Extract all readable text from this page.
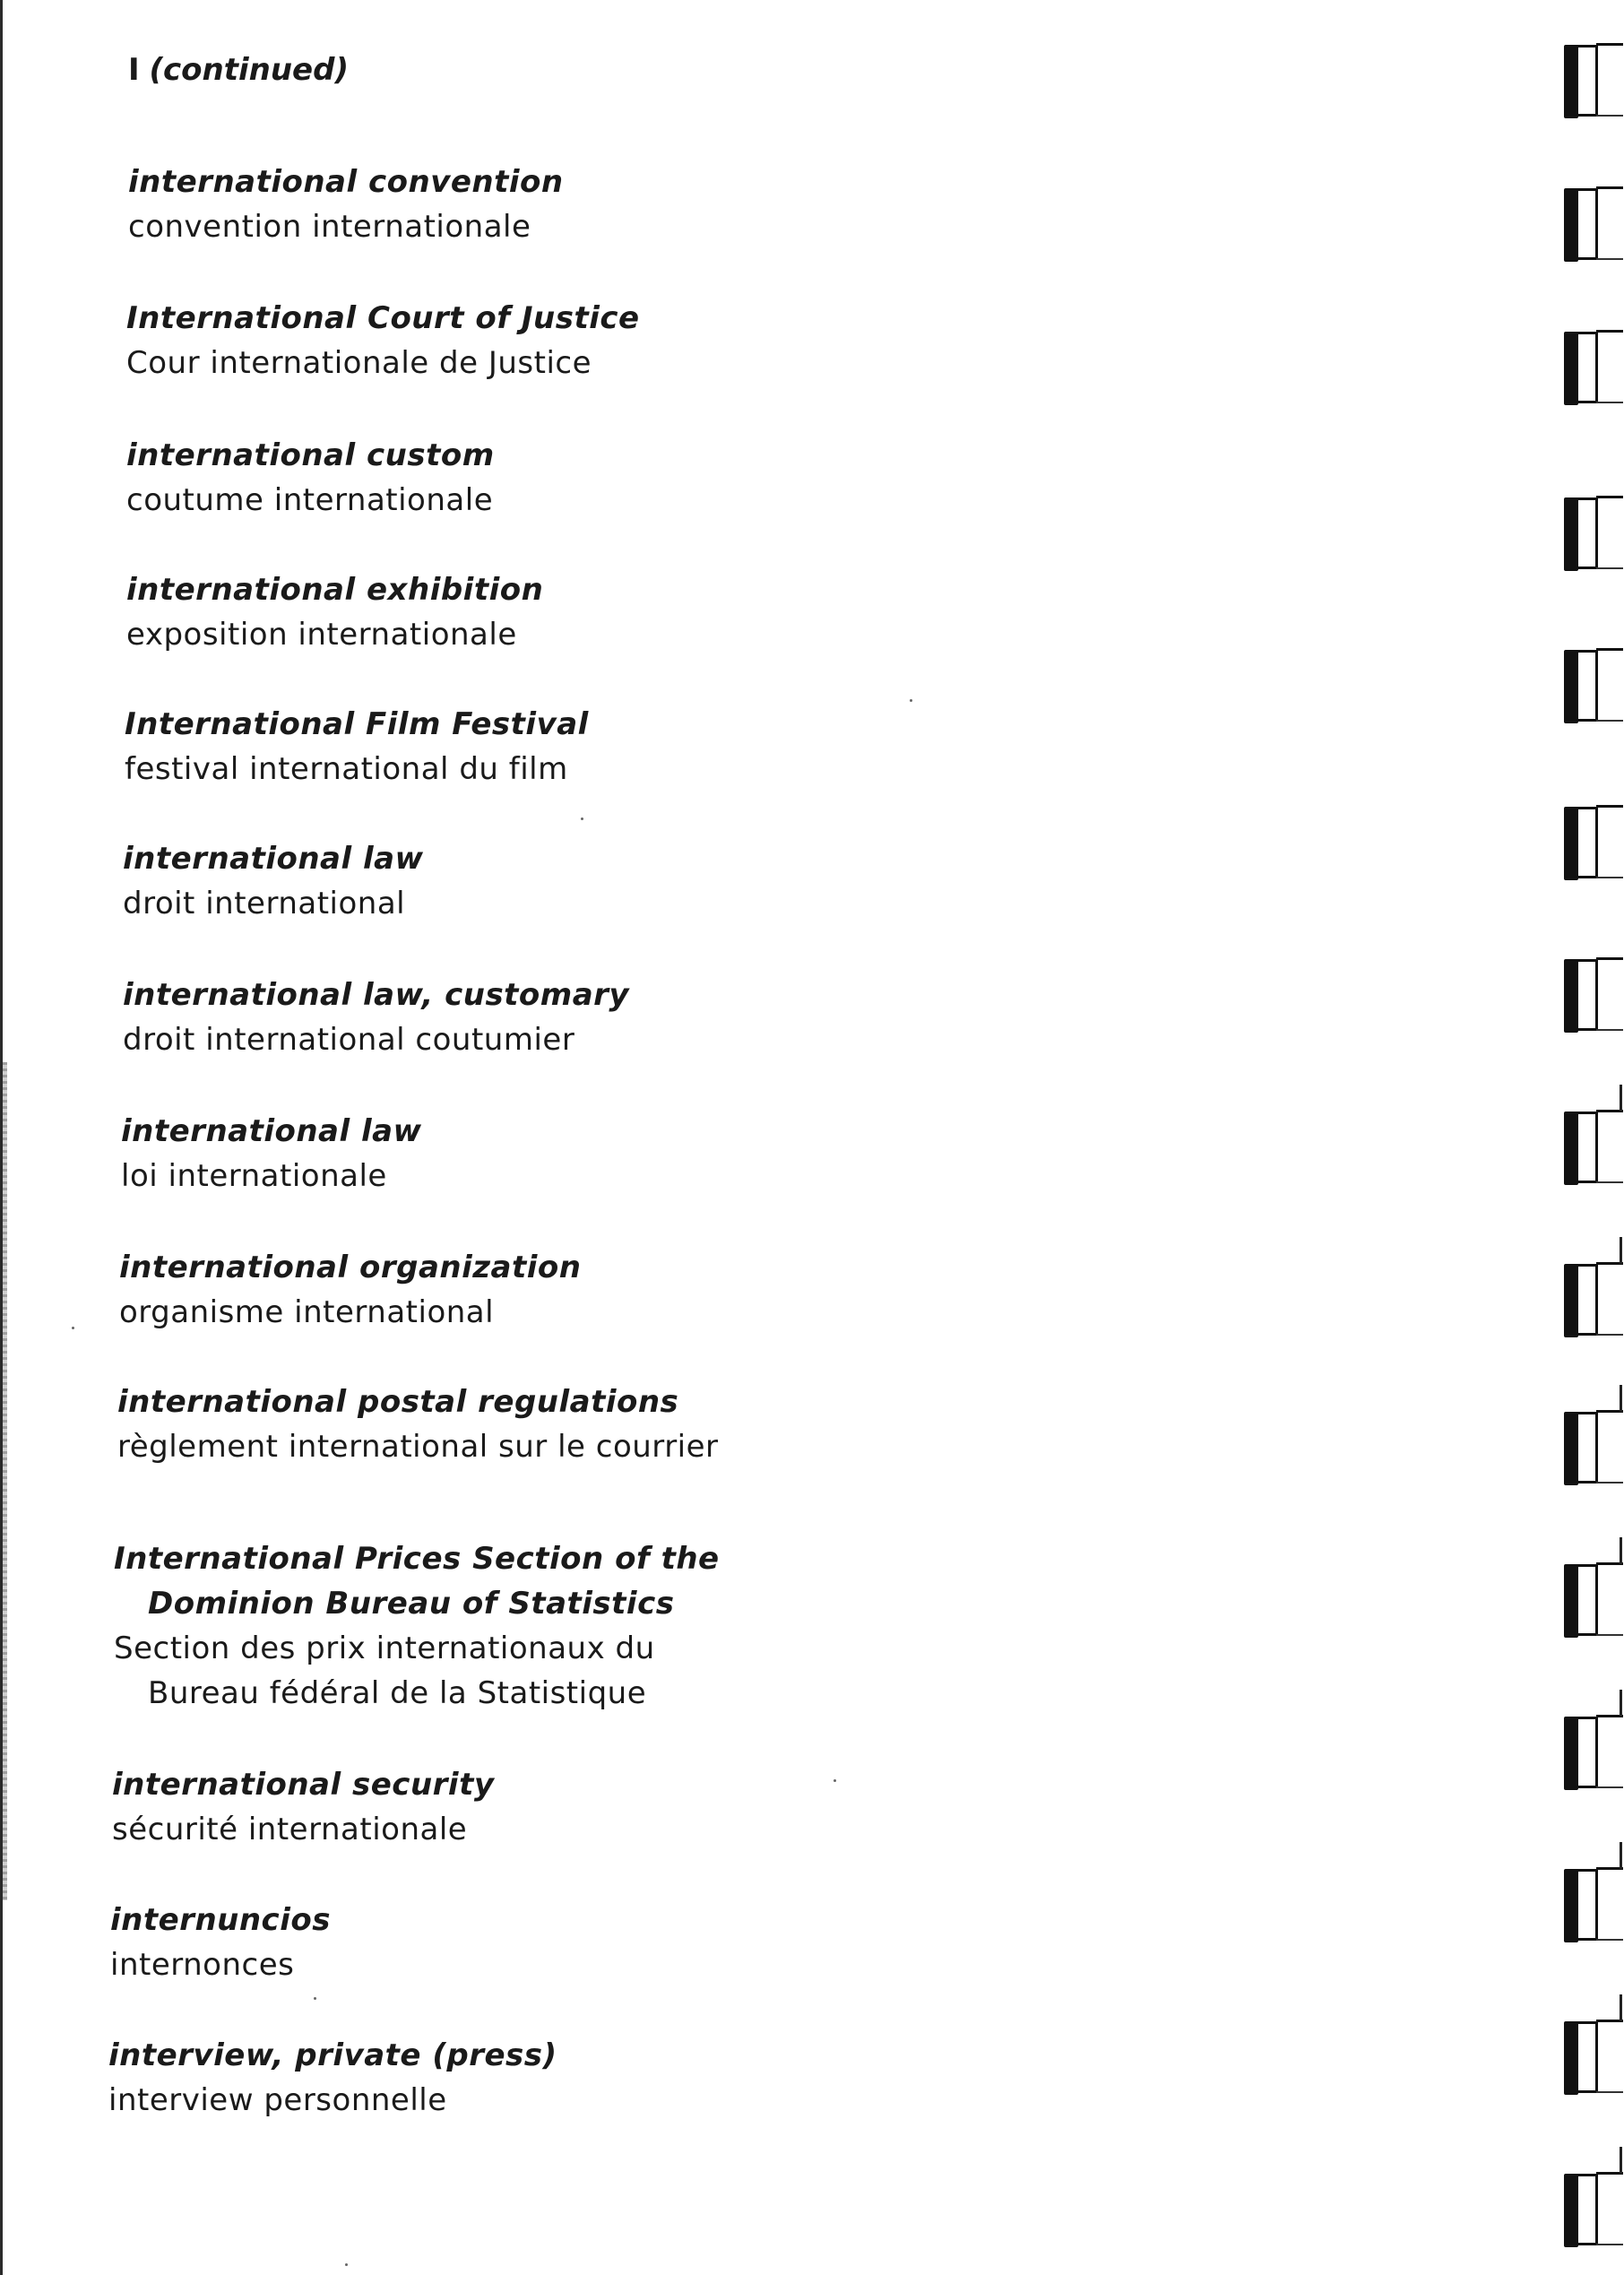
I (continued)
international convention
convention internationale
International Court of Justice
Cour internationale de Justice
international custom
coutume internationale
international exhibition
exposition internationale
International Film Festival
festival international du film
international law
droit international
international law, customary
droit international coutumier
international law
loi internationale
international organization
organisme international
international postal regulations
règlement international sur le courrier
International Prices Section of the
Dominion Bureau of Statistics
Section des prix internationaux du
Bureau fédéral de la Statistique
international security
sécurité internationale
internuncios
internonces
interview, private (press)
interview personnelle
